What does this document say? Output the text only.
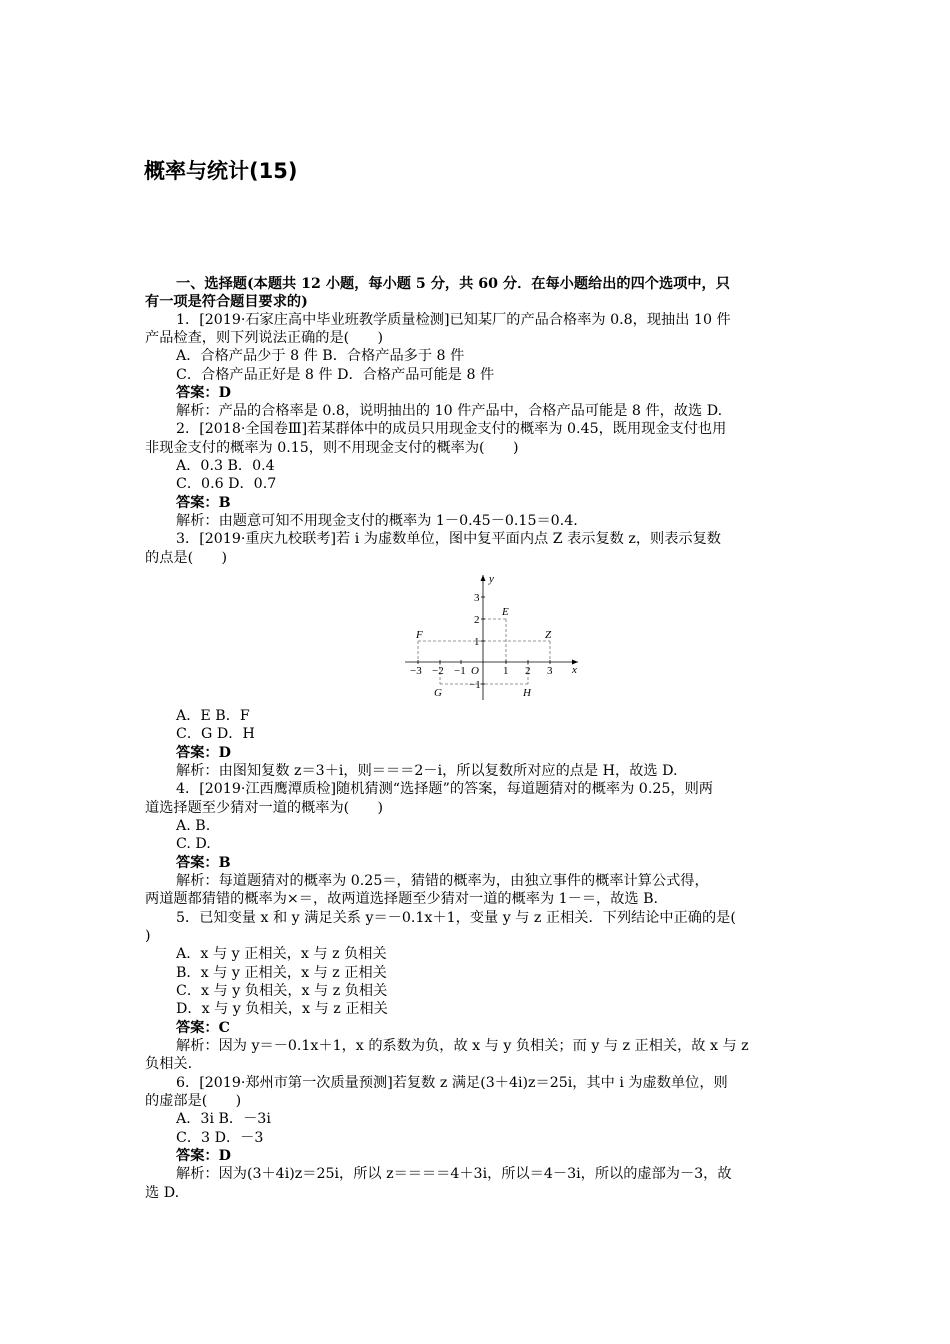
概率与统计(15)
一、选择题(本题共 12 小题，每小题 5 分，共 60 分．在每小题给出的四个选项中，只
有一项是符合题目要求的)
1．[2019·石家庄高中毕业班教学质量检测]已知某厂的产品合格率为 0.8，现抽出 10 件
产品检查，则下列说法正确的是(　　)
A．合格产品少于 8 件 B．合格产品多于 8 件
C．合格产品正好是 8 件 D．合格产品可能是 8 件
答案：D
解析：产品的合格率是 0.8，说明抽出的 10 件产品中，合格产品可能是 8 件，故选 D.
2．[2018·全国卷Ⅲ]若某群体中的成员只用现金支付的概率为 0.45，既用现金支付也用
非现金支付的概率为 0.15，则不用现金支付的概率为(　　)
A．0.3 B．0.4
C．0.6 D．0.7
答案：B
解析：由题意可知不用现金支付的概率为 1－0.45－0.15＝0.4.
3．[2019·重庆九校联考]若 i 为虚数单位，图中复平面内点 Z 表示复数 z，则表示复数
的点是(　　)
y
x
O
−3 −2 −1	1 2 3
3
2
1
−1
E
F	Z
G	H
A．E B．F
C．G D．H
答案：D
解析：由图知复数 z＝3＋i，则＝＝＝2－i，所以复数所对应的点是 H，故选 D.
4．[2019·江西鹰潭质检]随机猜测“选择题”的答案，每道题猜对的概率为 0.25，则两
道选择题至少猜对一道的概率为(　　)
A. B.
C. D.
答案：B
解析：每道题猜对的概率为 0.25＝，猜错的概率为，由独立事件的概率计算公式得，
两道题都猜错的概率为×＝，故两道选择题至少猜对一道的概率为 1－＝，故选 B.
5．已知变量 x 和 y 满足关系 y＝－0.1x＋1，变量 y 与 z 正相关．下列结论中正确的是(
)
A．x 与 y 正相关，x 与 z 负相关
B．x 与 y 正相关，x 与 z 正相关
C．x 与 y 负相关，x 与 z 负相关
D．x 与 y 负相关，x 与 z 正相关
答案：C
解析：因为 y＝－0.1x＋1，x 的系数为负，故 x 与 y 负相关；而 y 与 z 正相关，故 x 与 z
负相关.
6．[2019·郑州市第一次质量预测]若复数 z 满足(3＋4i)z＝25i，其中 i 为虚数单位，则
的虚部是(　　)
A．3i B．－3i
C．3 D．－3
答案：D
解析：因为(3＋4i)z＝25i，所以 z＝＝＝＝4＋3i，所以＝4－3i，所以的虚部为－3，故
选 D.
